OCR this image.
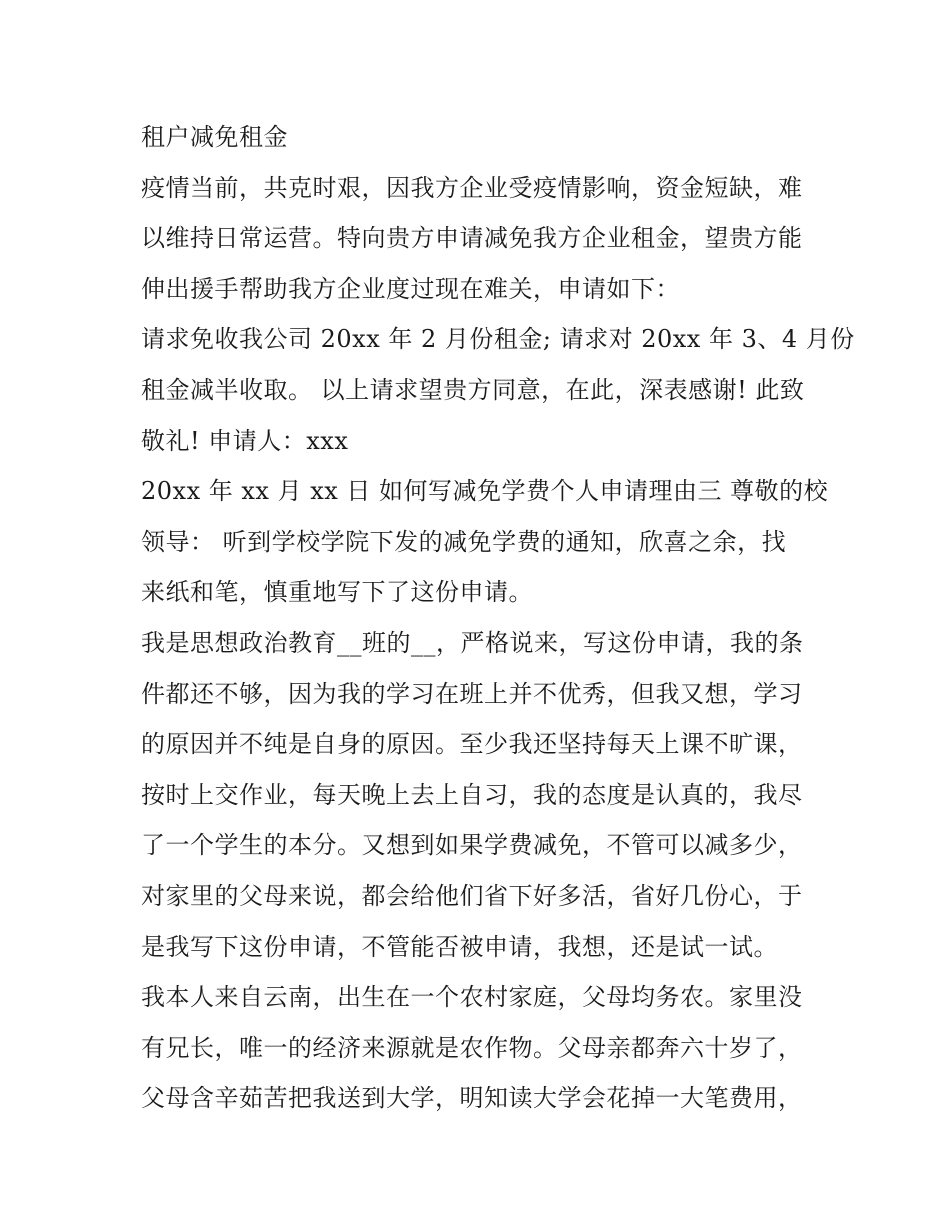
租户减免租金
疫情当前，共克时艰，因我方企业受疫情影响，资金短缺，难
以维持日常运营。特向贵方申请减免我方企业租金，望贵方能
伸出援手帮助我方企业度过现在难关，申请如下：
请求免收我公司 20xx 年 2 月份租金; 请求对 20xx 年 3、4 月份
租金减半收取。 以上请求望贵方同意，在此，深表感谢! 此致
敬礼! 申请人：xxx
20xx 年 xx 月 xx 日 如何写减免学费个人申请理由三 尊敬的校
领导： 听到学校学院下发的减免学费的通知，欣喜之余，找
来纸和笔，慎重地写下了这份申请。
我是思想政治教育__班的__，严格说来，写这份申请，我的条
件都还不够，因为我的学习在班上并不优秀，但我又想，学习
的原因并不纯是自身的原因。至少我还坚持每天上课不旷课，
按时上交作业，每天晚上去上自习，我的态度是认真的，我尽
了一个学生的本分。又想到如果学费减免，不管可以减多少，
对家里的父母来说，都会给他们省下好多活，省好几份心，于
是我写下这份申请，不管能否被申请，我想，还是试一试。
我本人来自云南，出生在一个农村家庭，父母均务农。家里没
有兄长，唯一的经济来源就是农作物。父母亲都奔六十岁了，
父母含辛茹苦把我送到大学，明知读大学会花掉一大笔费用，
